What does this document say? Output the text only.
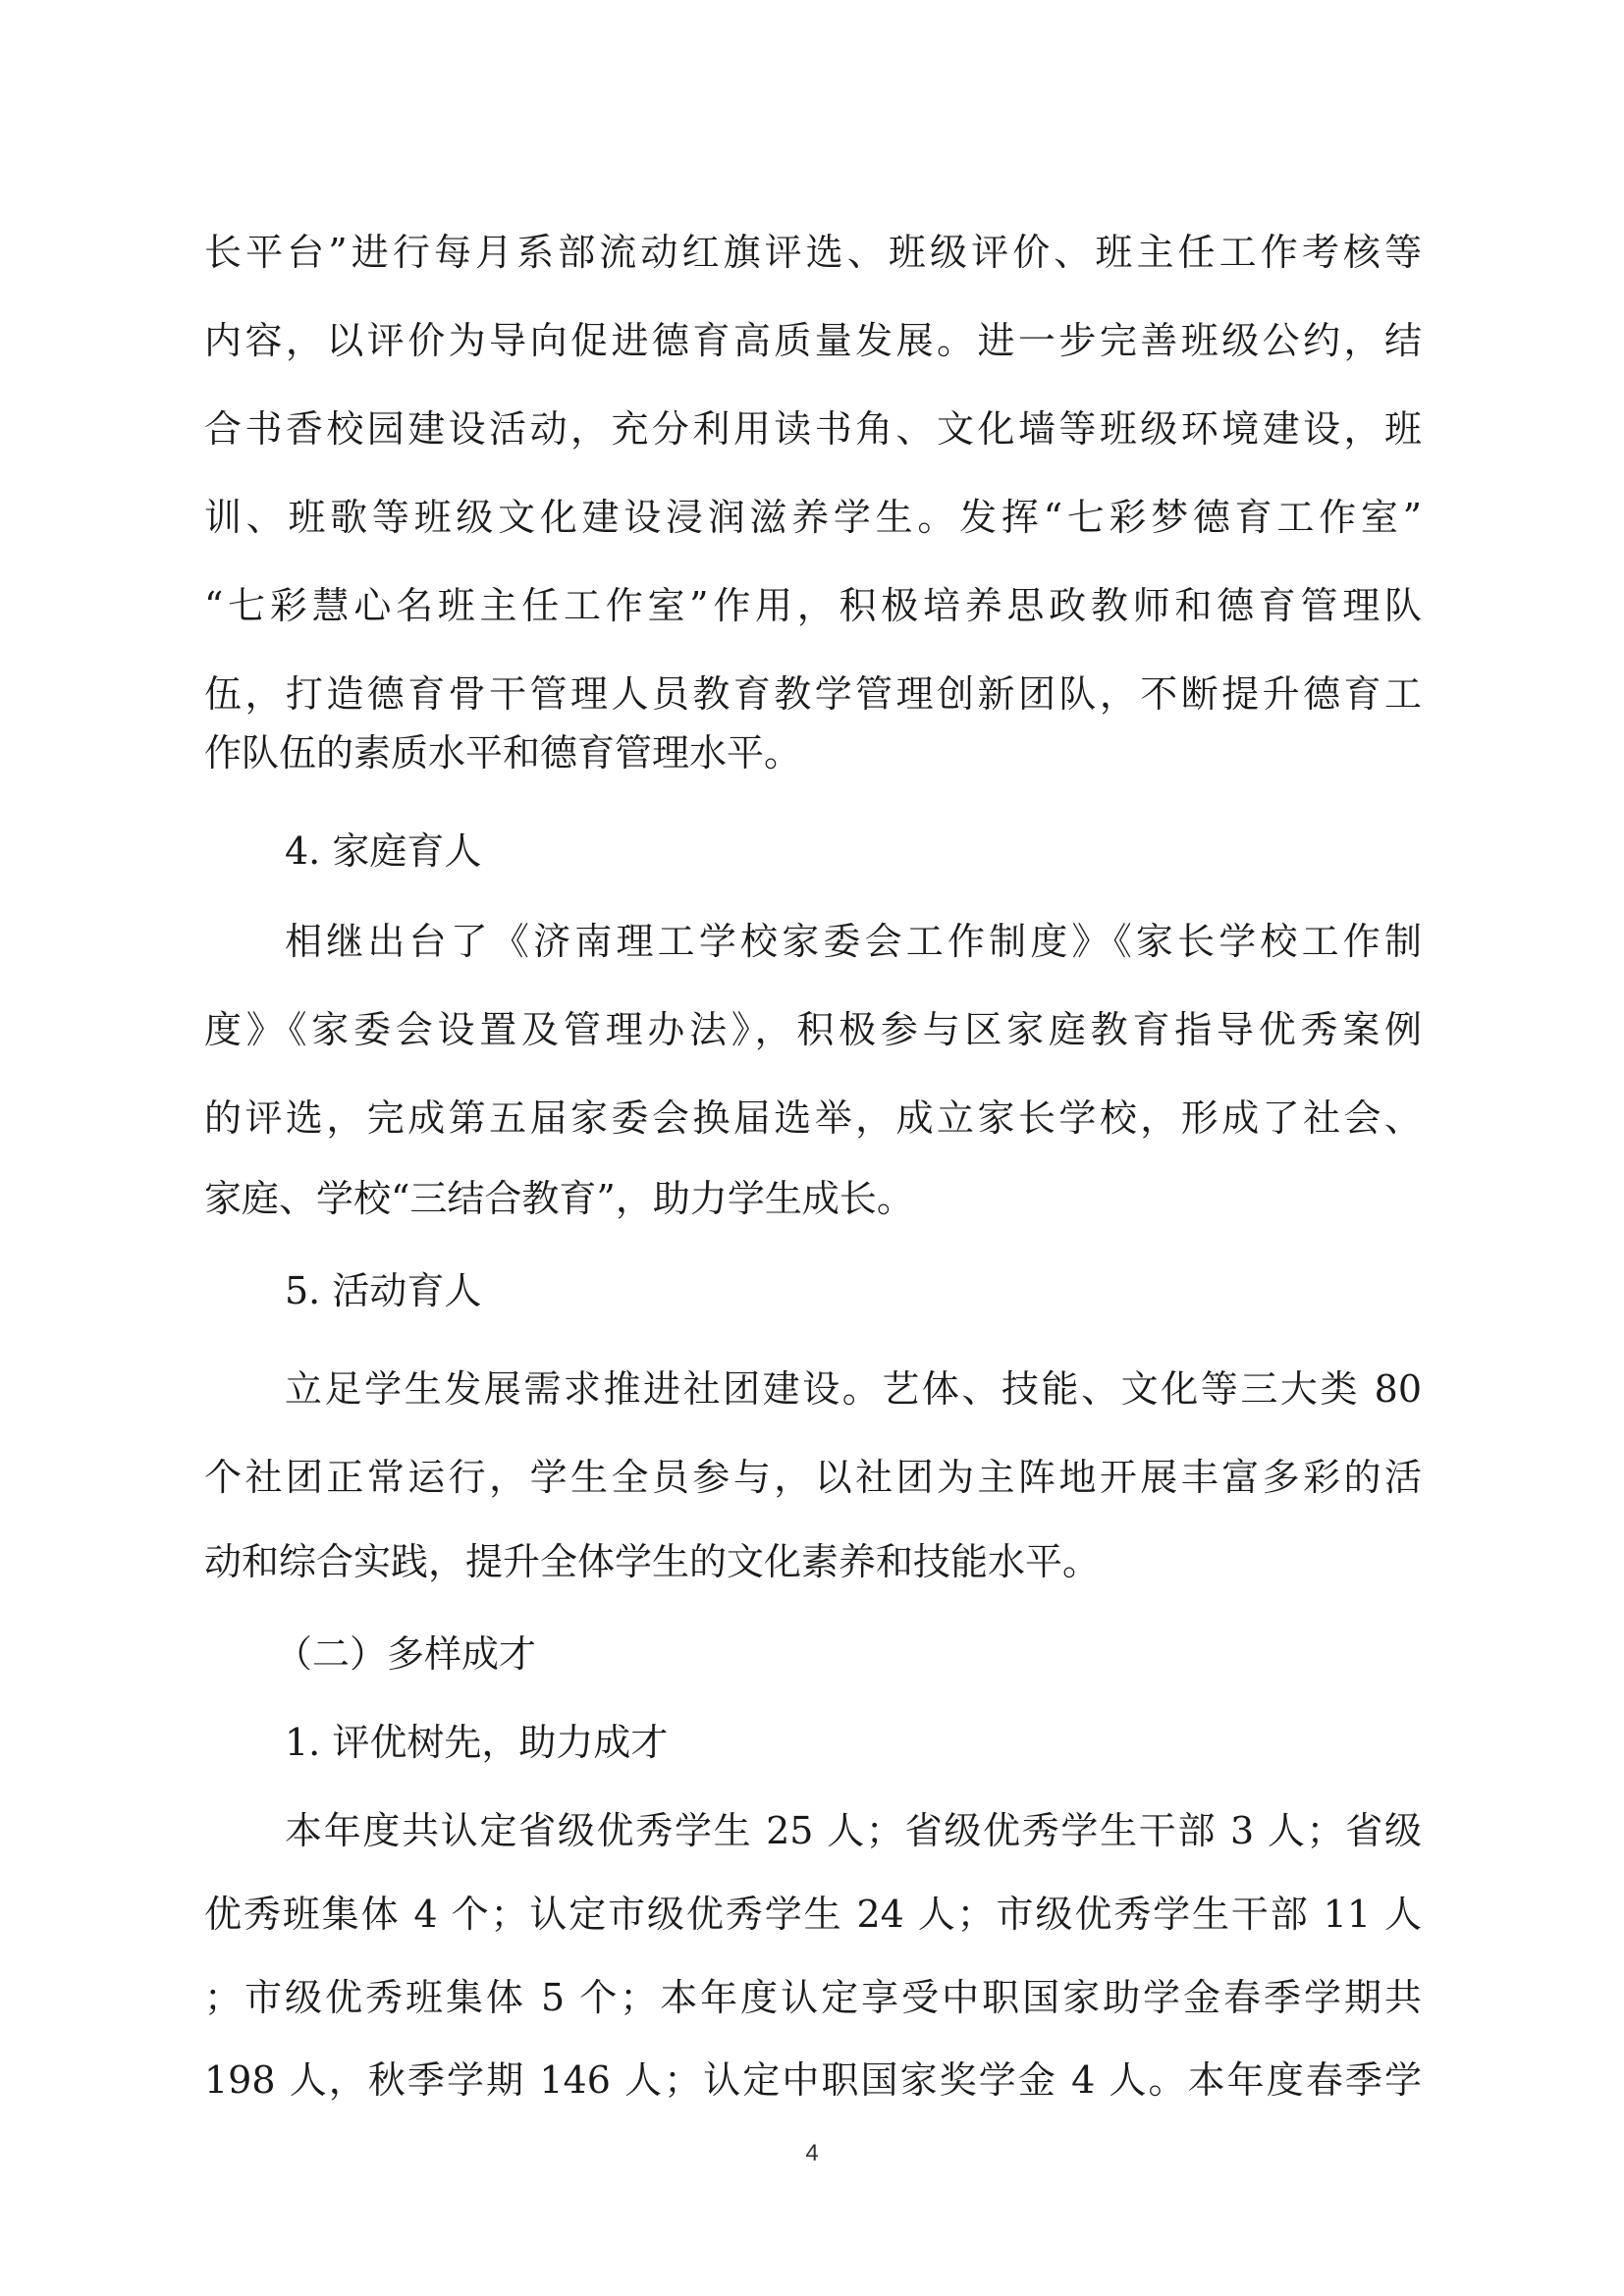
长平台”进行每月系部流动红旗评选、班级评价、班主任工作考核等
内容，以评价为导向促进德育高质量发展。进一步完善班级公约，结
合书香校园建设活动，充分利用读书角、文化墙等班级环境建设，班
训、班歌等班级文化建设浸润滋养学生。发挥“七彩梦德育工作室”
“七彩慧心名班主任工作室”作用，积极培养思政教师和德育管理队
伍，打造德育骨干管理人员教育教学管理创新团队，不断提升德育工
作队伍的素质水平和德育管理水平。
4. 家庭育人
相继出台了《济南理工学校家委会工作制度》《家长学校工作制
度》《家委会设置及管理办法》，积极参与区家庭教育指导优秀案例
的评选，完成第五届家委会换届选举，成立家长学校，形成了社会、
家庭、学校“三结合教育”，助力学生成长。
5. 活动育人
立足学生发展需求推进社团建设。艺体、技能、文化等三大类 80
个社团正常运行，学生全员参与，以社团为主阵地开展丰富多彩的活
动和综合实践，提升全体学生的文化素养和技能水平。
（二）多样成才
1. 评优树先，助力成才
本年度共认定省级优秀学生 25 人；省级优秀学生干部 3 人；省级
优秀班集体 4 个；认定市级优秀学生 24 人；市级优秀学生干部 11 人
；市级优秀班集体 5 个；本年度认定享受中职国家助学金春季学期共
198 人，秋季学期 146 人；认定中职国家奖学金 4 人。本年度春季学
4
